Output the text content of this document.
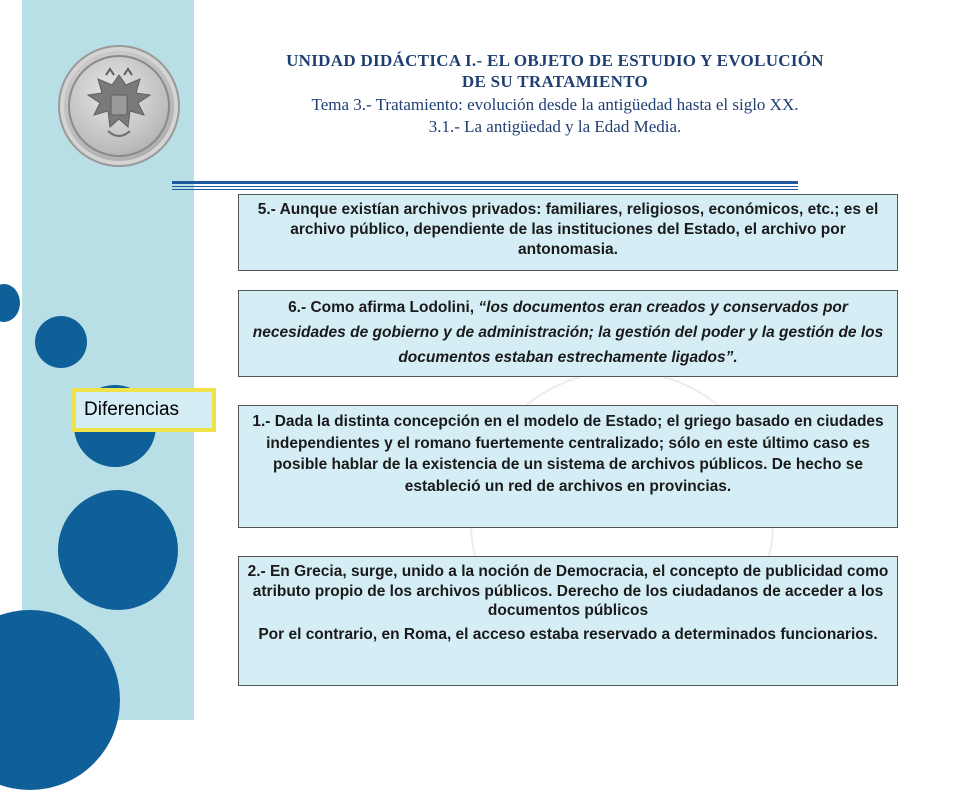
UNIDAD DIDÁCTICA I.- EL OBJETO DE ESTUDIO Y EVOLUCIÓN
DE SU TRATAMIENTO
Tema 3.- Tratamiento: evolución desde la antigüedad hasta el siglo XX.
3.1.- La antigüedad y la Edad Media.

5.- Aunque existían archivos privados: familiares, religiosos, económicos, etc.; es el archivo público, dependiente de las instituciones del Estado, el archivo por antonomasia.

6.- Como afirma Lodolini, “los documentos eran creados y conservados por necesidades de gobierno y de administración; la gestión del poder y la gestión de los documentos estaban estrechamente ligados”.

Diferencias

1.- Dada la distinta concepción en el modelo de Estado; el griego basado en ciudades independientes y el romano fuertemente centralizado; sólo en este último caso es posible hablar de la existencia de un sistema de archivos públicos. De hecho se estableció un red de archivos en provincias.

2.- En Grecia, surge, unido a la noción de Democracia, el concepto de publicidad como atributo propio de los archivos públicos. Derecho de los ciudadanos de acceder a los documentos públicos

Por el contrario, en Roma, el acceso estaba reservado a determinados funcionarios.
